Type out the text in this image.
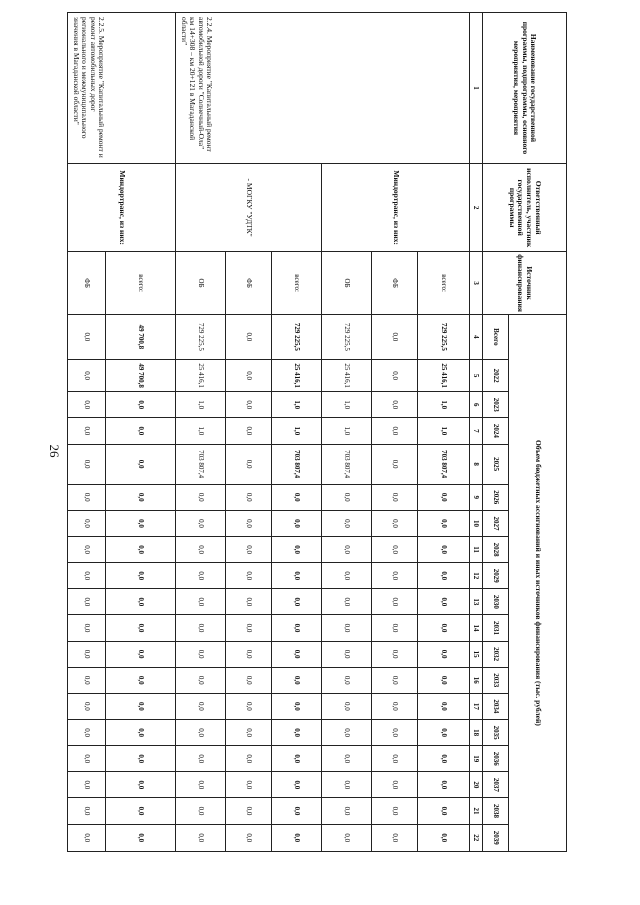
26
Наименование государственной программы, подпрограммы, основного мероприятия, мероприятия	Ответственный исполнитель, участник государственной программы	Источник финансирования	Объем бюджетных ассигнований и иных источников финансирования (тыс. рублей)																		
			Всего	2022	2023	2024	2025	2026	2027	2028	2029	2030	2031	2032	2033	2034	2035	2036	2037	2038	2039
1	2	3	4	5	6	7	8	9	10	11	12	13	14	15	16	17	18	19	20	21	22
2.2.4. Мероприятие "Капитальный ремонт автомобильной дороги "Солнечный-Ола" км 14+308 – км 20+121 в Магаданской области"	Миндортранс, из них:	всего:	729 225,5	25 416,1	1,0	1,0	703 807,4	0,0	0,0	0,0	0,0	0,0	0,0	0,0	0,0	0,0	0,0	0,0	0,0	0,0	0,0
		ФБ	0,0	0,0	0,0	0,0	0,0	0,0	0,0	0,0	0,0	0,0	0,0	0,0	0,0	0,0	0,0	0,0	0,0	0,0	0,0
		ОБ	729 225,5	25 416,1	1,0	1,0	703 807,4	0,0	0,0	0,0	0,0	0,0	0,0	0,0	0,0	0,0	0,0	0,0	0,0	0,0	0,0
	- МОГКУ "УДТК"	всего:	729 225,5	25 416,1	1,0	1,0	703 807,4	0,0	0,0	0,0	0,0	0,0	0,0	0,0	0,0	0,0	0,0	0,0	0,0	0,0	0,0
		ФБ	0,0	0,0	0,0	0,0	0,0	0,0	0,0	0,0	0,0	0,0	0,0	0,0	0,0	0,0	0,0	0,0	0,0	0,0	0,0
		ОБ	729 225,5	25 416,1	1,0	1,0	703 807,4	0,0	0,0	0,0	0,0	0,0	0,0	0,0	0,0	0,0	0,0	0,0	0,0	0,0	0,0
2.2.5. Мероприятие "Капитальный ремонт и ремонт автомобильных дорог регионального и межмуниципального значения в Магаданской области"	Миндортранс, из них:	всего:	49 700,8	49 700,8	0,0	0,0	0,0	0,0	0,0	0,0	0,0	0,0	0,0	0,0	0,0	0,0	0,0	0,0	0,0	0,0	0,0
		ФБ	0,0	0,0	0,0	0,0	0,0	0,0	0,0	0,0	0,0	0,0	0,0	0,0	0,0	0,0	0,0	0,0	0,0	0,0	0,0
